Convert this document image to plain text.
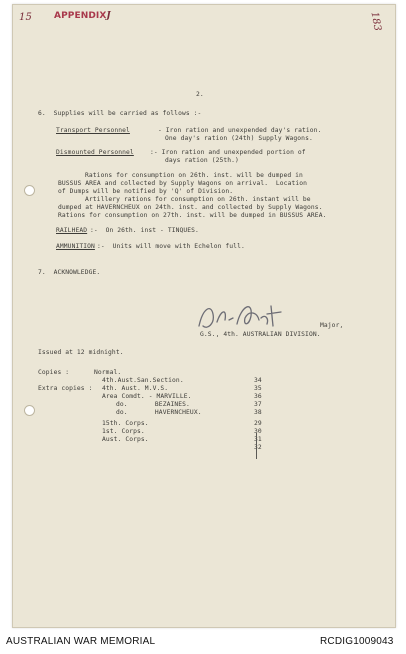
15 APPENDIXJ	183
2.
6.  Supplies will be carried as follows :-
Transport Personnel	- Iron ration and unexpended day's ration.
One day's ration (24th) Supply Wagons.
Dismounted Personnel	:- Iron ration and unexpended portion of
days ration (25th.)
Rations for consumption on 26th. inst. will be dumped in
BUSSUS AREA and collected by Supply Wagons on arrival.  Location
of Dumps will be notified by 'Q' of Division.
Artillery rations for consumption on 26th. instant will be
dumped at HAVERNCHEUX on 24th. inst. and collected by Supply Wagons.
Rations for consumption on 27th. inst. will be dumped in BUSSUS AREA.
RAILHEAD :-  On 26th. inst - TINQUES.
AMMUNITION :-  Units will move with Echelon full.
7.  ACKNOWLEDGE.
Major,
G.S., 4th. AUSTRALIAN DIVISION.
Issued at 12 midnight.
Copies :	Normal.
Extra copies :
4th.Aust.San.Section.	34
4th. Aust. M.V.S.	35
Area Comdt. - MARVILLE.	36
do.       BEZAINES.	37
do.       HAVERNCHEUX.	38
15th. Corps.	29
1st. Corps.	30
Aust. Corps.	31
32
AUSTRALIAN WAR MEMORIAL	RCDIG1009043
